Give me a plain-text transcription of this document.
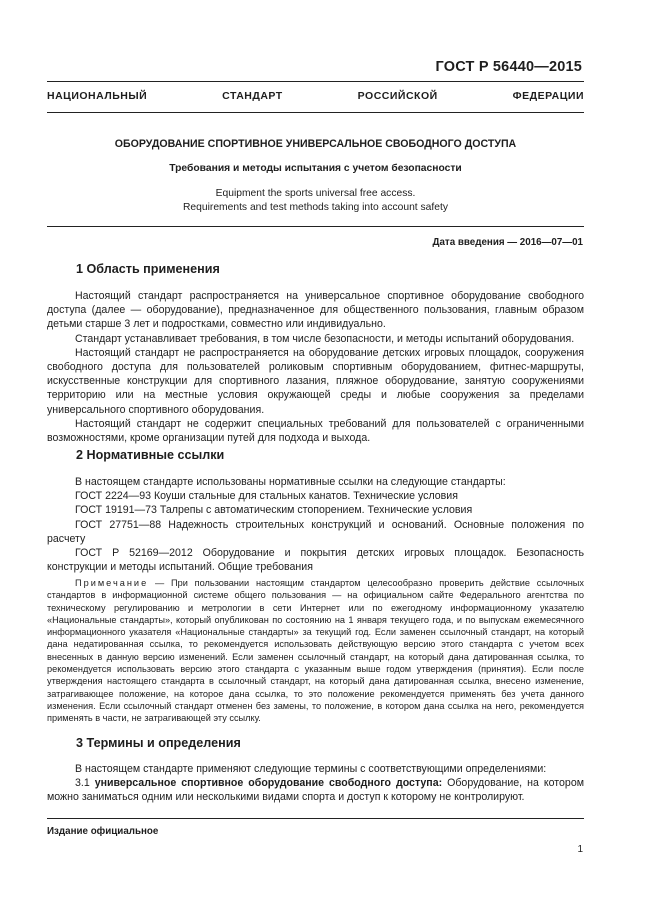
ГОСТ Р 56440—2015
НАЦИОНАЛЬНЫЙ СТАНДАРТ РОССИЙСКОЙ ФЕДЕРАЦИИ
ОБОРУДОВАНИЕ СПОРТИВНОЕ УНИВЕРСАЛЬНОЕ СВОБОДНОГО ДОСТУПА
Требования и методы испытания с учетом безопасности
Equipment the sports universal free access.
Requirements and test methods taking into account safety
Дата введения — 2016—07—01
1 Область применения

Настоящий стандарт распространяется на универсальное спортивное оборудование свободного доступа (далее — оборудование), предназначенное для общественного пользования, главным образом детьми старше 3 лет и подростками, совместно или индивидуально.

Стандарт устанавливает требования, в том числе безопасности, и методы испытаний оборудования.

Настоящий стандарт не распространяется на оборудование детских игровых площадок, сооружения свободного доступа для пользователей роликовым спортивным оборудованием, фитнес-маршруты, искусственные конструкции для спортивного лазания, пляжное оборудование, занятую сооружениями территорию или на местные условия окружающей среды и любые сооружения за пределами универсального спортивного оборудования.

Настоящий стандарт не содержит специальных требований для пользователей с ограниченными возможностями, кроме организации путей для подхода и выхода.

2 Нормативные ссылки

В настоящем стандарте использованы нормативные ссылки на следующие стандарты:

ГОСТ 2224—93 Коуши стальные для стальных канатов. Технические условия

ГОСТ 19191—73 Талрепы с автоматическим стопорением. Технические условия

ГОСТ 27751—88 Надежность строительных конструкций и оснований. Основные положения по расчету

ГОСТ Р 52169—2012 Оборудование и покрытия детских игровых площадок. Безопасность конструкции и методы испытаний. Общие требования

Примечание — При пользовании настоящим стандартом целесообразно проверить действие ссылочных стандартов в информационной системе общего пользования — на официальном сайте Федерального агентства по техническому регулированию и метрологии в сети Интернет или по ежегодному информационному указателю «Национальные стандарты», который опубликован по состоянию на 1 января текущего года, и по выпускам ежемесячного информационного указателя «Национальные стандарты» за текущий год. Если заменен ссылочный стандарт, на который дана недатированная ссылка, то рекомендуется использовать действующую версию этого стандарта с учетом всех внесенных в данную версию изменений. Если заменен ссылочный стандарт, на который дана датированная ссылка, то рекомендуется использовать версию этого стандарта с указанным выше годом утверждения (принятия). Если после утверждения настоящего стандарта в ссылочный стандарт, на который дана датированная ссылка, внесено изменение, затрагивающее положение, на которое дана ссылка, то это положение рекомендуется применять без учета данного изменения. Если ссылочный стандарт отменен без замены, то положение, в котором дана ссылка на него, рекомендуется применять в части, не затрагивающей эту ссылку.

3 Термины и определения

В настоящем стандарте применяют следующие термины с соответствующими определениями:

3.1 универсальное спортивное оборудование свободного доступа: Оборудование, на котором можно заниматься одним или несколькими видами спорта и доступ к которому не контролируют.

Издание официальное
1
